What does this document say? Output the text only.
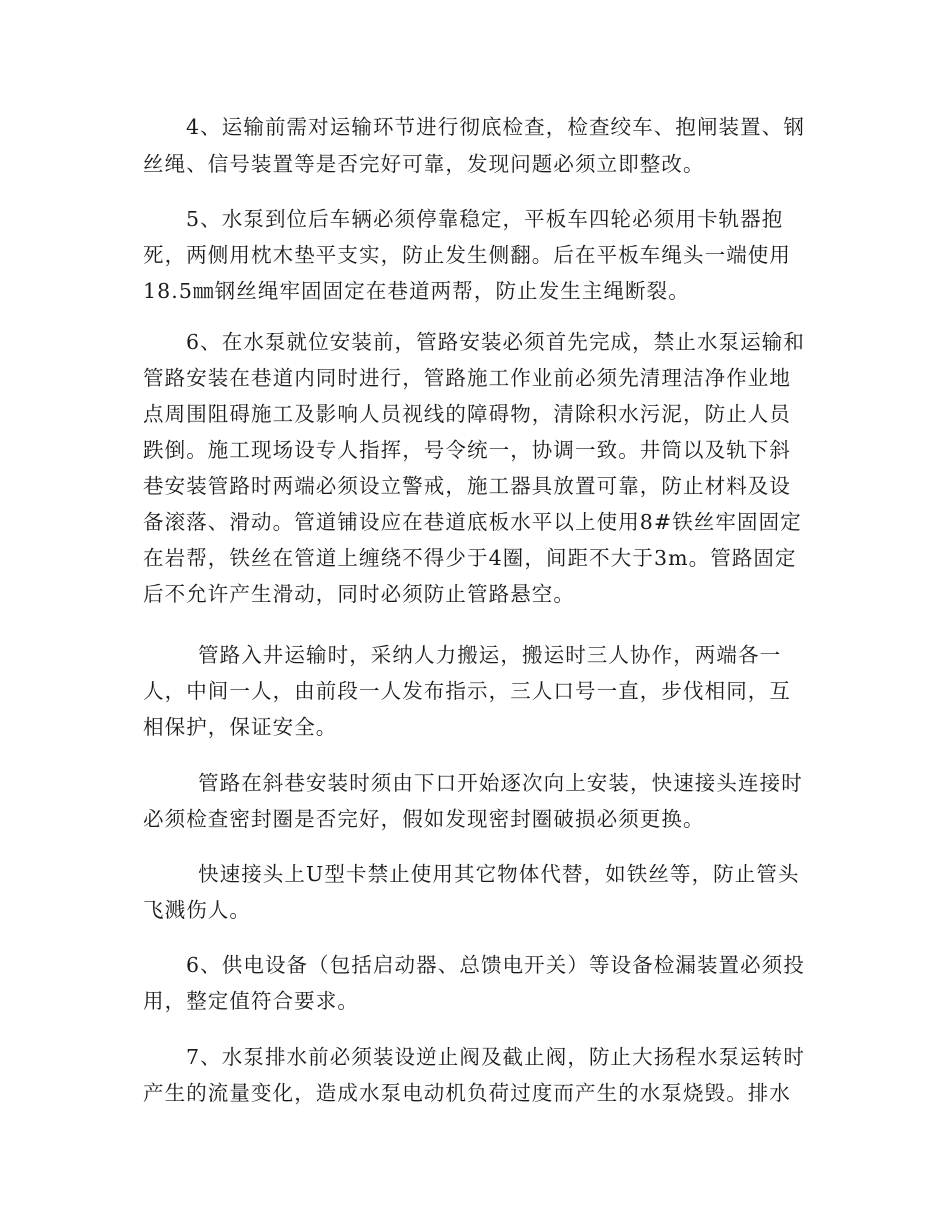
4、运输前需对运输环节进行彻底检查，检查绞车、抱闸装置、钢
丝绳、信号装置等是否完好可靠，发现问题必须立即整改。
5、水泵到位后车辆必须停靠稳定，平板车四轮必须用卡轨器抱
死，两侧用枕木垫平支实，防止发生侧翻。后在平板车绳头一端使用
18.5㎜钢丝绳牢固固定在巷道两帮，防止发生主绳断裂。
6、在水泵就位安装前，管路安装必须首先完成，禁止水泵运输和
管路安装在巷道内同时进行，管路施工作业前必须先清理洁净作业地
点周围阻碍施工及影响人员视线的障碍物，清除积水污泥，防止人员
跌倒。施工现场设专人指挥，号令统一，协调一致。井筒以及轨下斜
巷安装管路时两端必须设立警戒，施工器具放置可靠，防止材料及设
备滚落、滑动。管道铺设应在巷道底板水平以上使用8#铁丝牢固固定
在岩帮，铁丝在管道上缠绕不得少于4圈，间距不大于3m。管路固定
后不允许产生滑动，同时必须防止管路悬空。
管路入井运输时，采纳人力搬运，搬运时三人协作，两端各一
人，中间一人，由前段一人发布指示，三人口号一直，步伐相同，互
相保护，保证安全。
管路在斜巷安装时须由下口开始逐次向上安装，快速接头连接时
必须检查密封圈是否完好，假如发现密封圈破损必须更换。
快速接头上U型卡禁止使用其它物体代替，如铁丝等，防止管头
飞溅伤人。
6、供电设备（包括启动器、总馈电开关）等设备检漏装置必须投
用，整定值符合要求。
7、水泵排水前必须装设逆止阀及截止阀，防止大扬程水泵运转时
产生的流量变化，造成水泵电动机负荷过度而产生的水泵烧毁。排水
